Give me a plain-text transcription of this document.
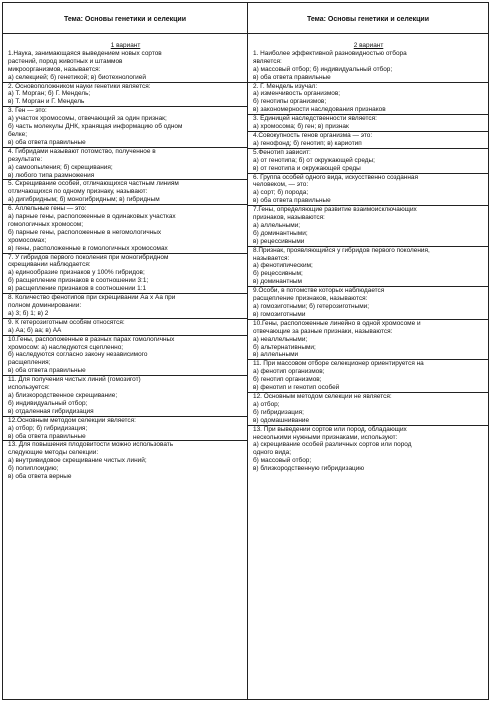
Тема: Основы генетики и селекции
1 вариант
1.Наука, занимающаяся выведением новых сортов
растений, пород животных и штаммов
микроорганизмов, называется:
а) селекцией; б) генетикой; в) биотехнологией
2. Основоположником науки генетики является:
а) Т. Морган; б) Г. Мендель;
в) Т. Морган и Г. Мендель
3. Ген — это:
а) участок хромосомы, отвечающий за один признак;
б) часть молекулы ДНК, хранящая информацию об одном
белке;
в) оба ответа правильные
4. Гибридами называют потомство, полученное в
результате:
а) самоопыления; б) скрещивания;
в) любого типа размножения
5. Скрещивание особей, отличающихся частным линиям
отличающихся по одному признаку, называют:
а) дигибридным; б) моногибридным; в) гибридным
6. Аллельные гены — это:
а) парные гены, расположенные в одинаковых участках
гомологичных хромосом;
б) парные гены, расположенные в негомологичных
хромосомах;
в) гены, расположенные в гомологичных хромосомах
7. У гибридов первого поколения при моногибридном
скрещивании наблюдается:
а) единообразие признаков у 100% гибридов;
б) расщепление признаков в соотношении 3:1;
в) расщепление признаков в соотношении 1:1
8. Количество фенотипов при скрещивании Аа х Аа при
полном доминировании:
а) 3; б) 1; в) 2
9. К гетерозиготным особям относятся:
а) Аа; б) аа; в) АА
10.Гены, расположенные в разных парах гомологичных
хромосом: а) наследуются сцепленно;
б) наследуются согласно закону независимого
расщепления;
в) оба ответа правильные
11. Для получения чистых линий (гомозигот)
используется:
а) близкородственное скрещивание;
б) индивидуальный отбор;
в) отдаленная гибридизация
12.Основным методом селекции является:
а) отбор; б) гибридизация;
в) оба ответа правильные
13. Для повышения плодовитости можно использовать
следующие методы селекции:
а) внутривидовое скрещивание чистых линий;
б) полиплоидию;
в) оба ответа верные
Тема: Основы генетики и селекции
2 вариант
1. Наиболее эффективной разновидностью отбора
является:
а) массовый отбор; б) индивидуальный отбор;
в) оба ответа правильные
2. Г. Мендель изучал:
а) изменчивость организмов;
б) генотипы организмов;
в) закономерности наследования признаков
3. Единицей наследственности является:
а) хромосома; б) ген; в) признак
4.Совокупность генов организма — это:
а) генофонд; б) генотип; в) кариотип
5.Фенотип зависит:
а) от генотипа; б) от окружающей среды;
в) от генотипа и окружающей среды
6. Группа особей одного вида, искусственно созданная
человеком, — это:
а) сорт; б) порода;
в) оба ответа правильные
7.Гены, определяющие развитие взаимоисключающих
признаков, называются:
а) аллельными;
б) доминантными;
в) рецессивными
8.Признак, проявляющийся у гибридов первого поколения,
называется:
а) фенотипическим;
б) рецессивным;
в) доминантным
9.Особи, в потомстве которых наблюдается
расщепление признаков, называются:
а) гомозиготными; б) гетерозиготными;
в) гомозиготными
10.Гены, расположенные линейно в одной хромосоме и
отвечающие за разные признаки, называются:
а) неаллельными;
б) альтернативными;
в) аллельными
11. При массовом отборе селекционер ориентируется на
а) фенотип организмов;
б) генотип организмов;
в) фенотип и генотип особей
12. Основным методом селекции не является:
а) отбор;
б) гибридизация;
в) одомашнивание
13. При выведении сортов или пород, обладающих
несколькими нужными признаками, используют:
а) скрещивание особей различных сортов или пород
одного вида;
б) массовый отбор;
в) близкородственную гибридизацию
